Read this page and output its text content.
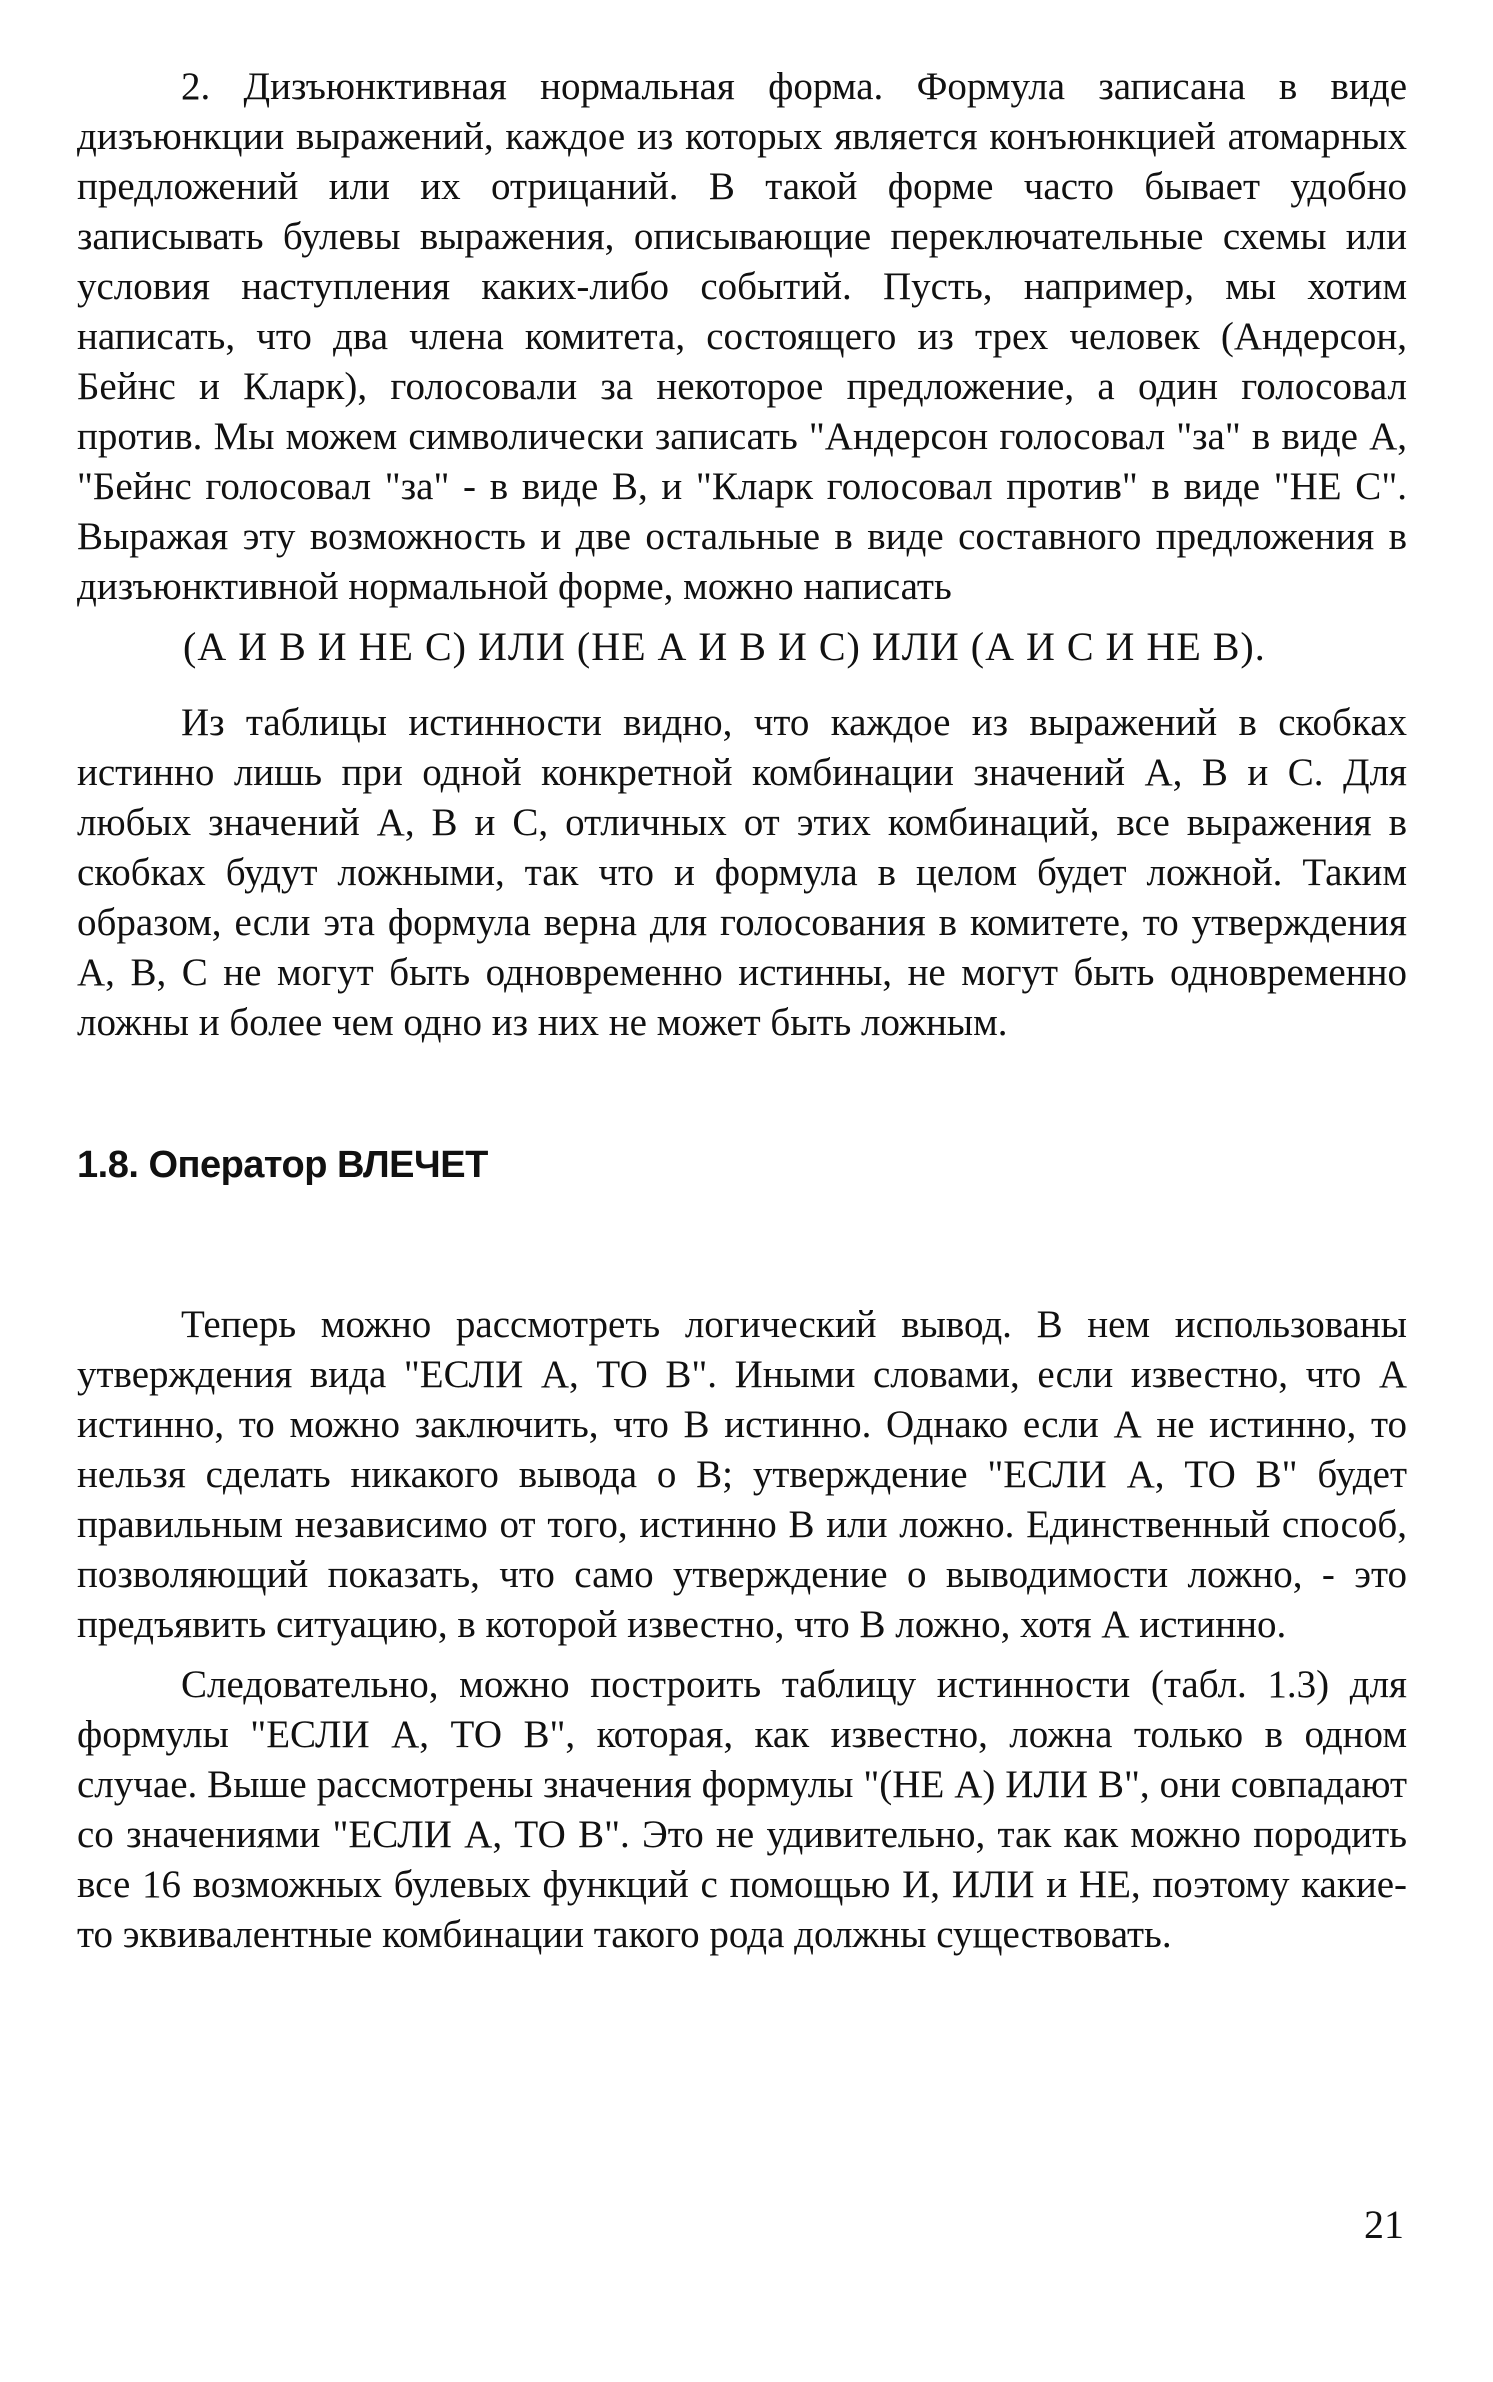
2. Дизъюнктивная нормальная форма. Формула записана в виде дизъюнкции выражений, каждое из которых является конъюнкцией атомарных предложений или их отрицаний. В такой форме часто бывает удобно записывать булевы выражения, описывающие переключательные схемы или условия наступления каких-либо событий. Пусть, например, мы хотим написать, что два члена комитета, состоящего из трех человек (Андерсон, Бейнс и Кларк), голосовали за некоторое предложение, а один голосовал против. Мы можем символически записать "Андерсон голосовал "за" в виде А, "Бейнс голосовал "за" - в виде В, и "Кларк голосовал против" в виде "НЕ С". Выражая эту возможность и две остальные в виде составного предложения в дизъюнктивной нормальной форме, можно написать

(А И В И НЕ С) ИЛИ (НЕ А И В И С) ИЛИ (А И С И НЕ В).

Из таблицы истинности видно, что каждое из выражений в скобках истинно лишь при одной конкретной комбинации значений А, В и С. Для любых значений А, В и С, отличных от этих комбинаций, все выражения в скобках будут ложными, так что и формула в целом будет ложной. Таким образом, если эта формула верна для голосования в комитете, то утверждения А, В, С не могут быть одновременно истинны, не могут быть одновременно ложны и более чем одно из них не может быть ложным.

1.8. Оператор ВЛЕЧЕТ

Теперь можно рассмотреть логический вывод. В нем использованы утверждения вида "ЕСЛИ А, ТО В". Иными словами, если известно, что А истинно, то можно заключить, что В истинно. Однако если А не истинно, то нельзя сделать никакого вывода о В; утверждение "ЕСЛИ А, ТО В" будет правильным независимо от того, истинно В или ложно. Единственный способ, позволяющий показать, что само утверждение о выводимости ложно, - это предъявить ситуацию, в которой известно, что В ложно, хотя А истинно.

Следовательно, можно построить таблицу истинности (табл. 1.3) для формулы "ЕСЛИ А, ТО В", которая, как известно, ложна только в одном случае. Выше рассмотрены значения формулы "(НЕ А) ИЛИ В", они совпадают со значениями "ЕСЛИ А, ТО В". Это не удивительно, так как можно породить все 16 возможных булевых функций с помощью И, ИЛИ и НЕ, поэтому какие-то эквивалентные комбинации такого рода должны существовать.

21
